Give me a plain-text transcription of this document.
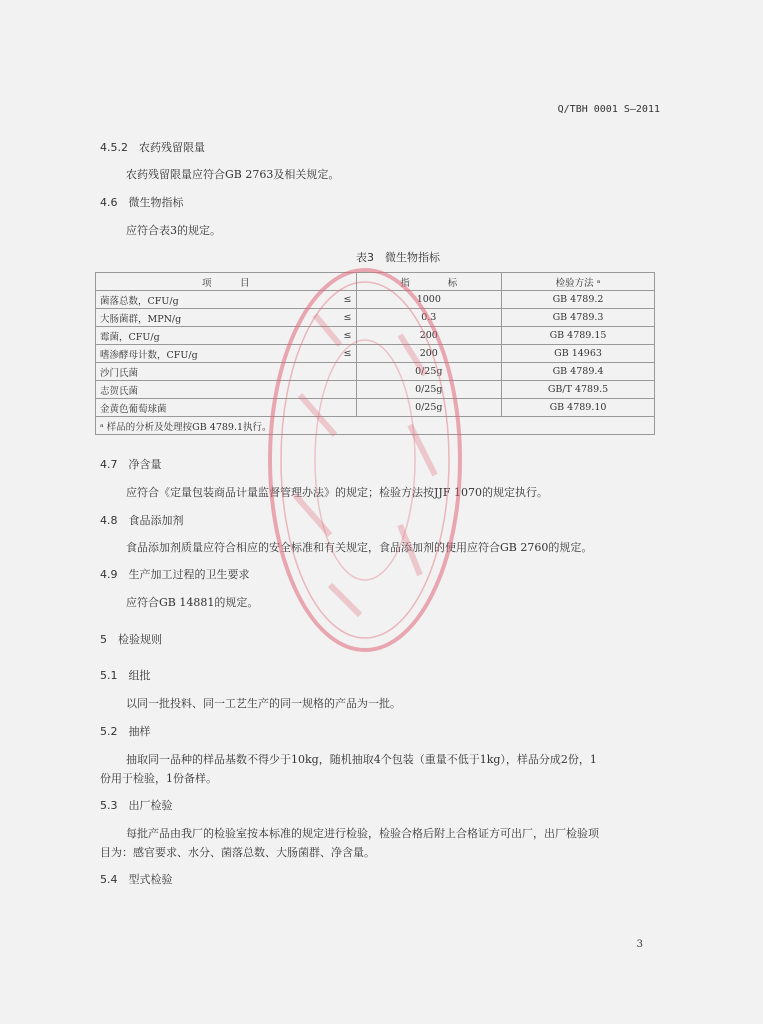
Q/TBH 0001 S—2011
4.5.2　农药残留限量
农药残留限量应符合GB 2763及相关规定。
4.6　微生物指标
应符合表3的规定。
表3　微生物指标
项　　　目		指　　　　标	检验方法 ᵃ
菌落总数，CFU/g	≤	1000	GB 4789.2
大肠菌群，MPN/g	≤	0.3	GB 4789.3
霉菌，CFU/g	≤	200	GB 4789.15
嗜渗酵母计数，CFU/g	≤	200	GB 14963
沙门氏菌		0/25g	GB 4789.4
志贺氏菌		0/25g	GB/T 4789.5
金黄色葡萄球菌		0/25g	GB 4789.10
ᵃ 样品的分析及处理按GB 4789.1执行。			
4.7　净含量
应符合《定量包装商品计量监督管理办法》的规定；检验方法按JJF 1070的规定执行。
4.8　食品添加剂
食品添加剂质量应符合相应的安全标准和有关规定，食品添加剂的使用应符合GB 2760的规定。
4.9　生产加工过程的卫生要求
应符合GB 14881的规定。
5　检验规则
5.1　组批
以同一批投料、同一工艺生产的同一规格的产品为一批。
5.2　抽样
抽取同一品种的样品基数不得少于10kg，随机抽取4个包装（重量不低于1kg），样品分成2份，1
份用于检验，1份备样。
5.3　出厂检验
每批产品由我厂的检验室按本标准的规定进行检验，检验合格后附上合格证方可出厂，出厂检验项
目为：感官要求、水分、菌落总数、大肠菌群、净含量。
5.4　型式检验
3
